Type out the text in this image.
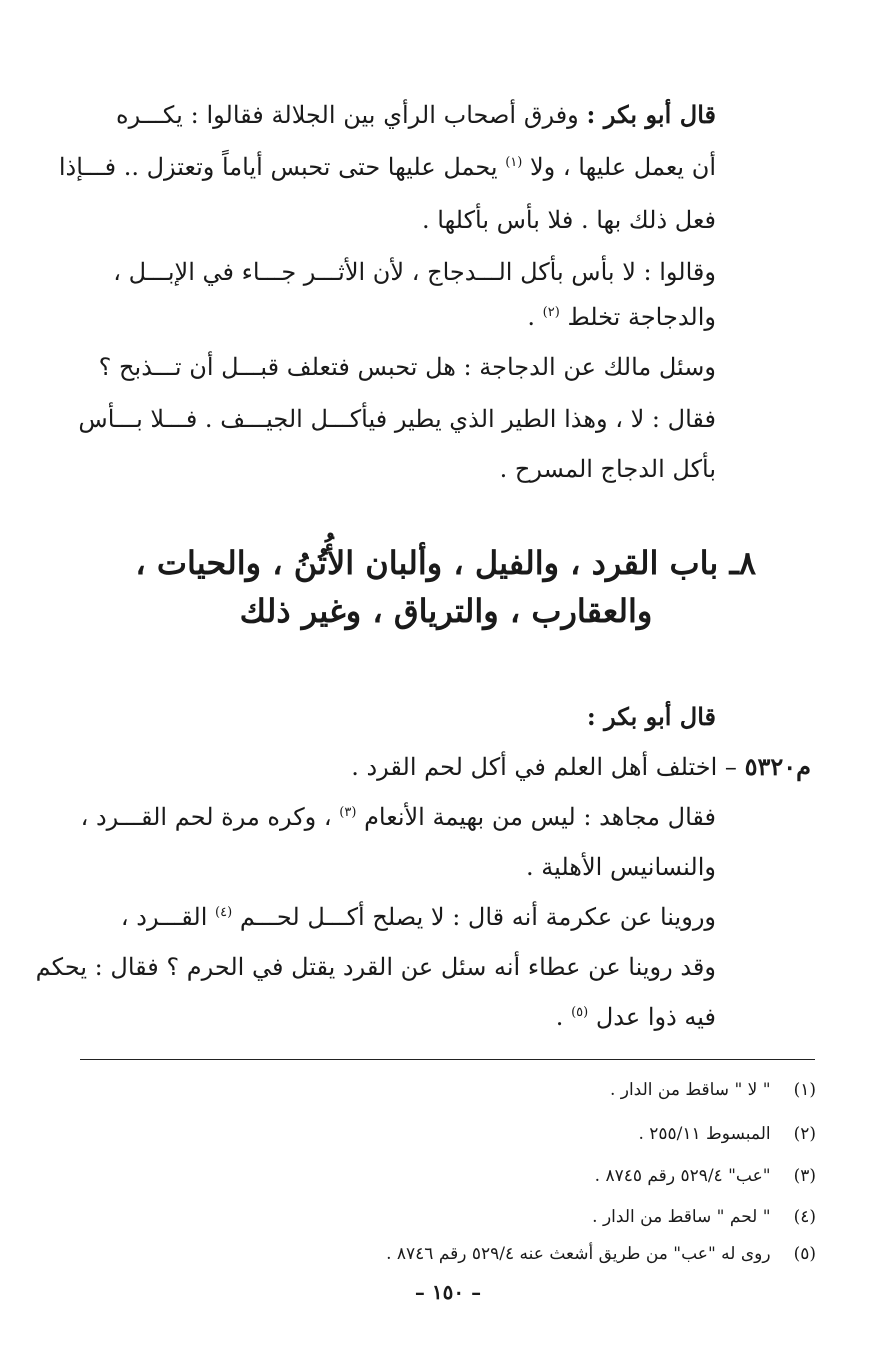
قال أبو بكر : وفرق أصحاب الرأي بين الجلالة فقالوا : يكـــره
أن يعمل عليها ، ولا $^{(١)}$ يحمل عليها حتى تحبس أياماً وتعتزل .. فـــإذا
فعل ذلك بها . فلا بأس بأكلها .
وقالوا : لا بأس بأكل الـــدجاج ، لأن الأثـــر جـــاء في الإبـــل ،
والدجاجة تخلط $^{(٢)}$ .
وسئل مالك عن الدجاجة : هل تحبس فتعلف قبـــل أن تـــذبح ؟
فقال : لا ، وهذا الطير الذي يطير فيأكـــل الجيـــف . فـــلا بـــأس
بأكل الدجاج المسرح .
٨ـ باب القرد ، والفيل ، وألبان الأُتُنُ ، والحيات ،
والعقارب ، والترياق ، وغير ذلك
قال أبو بكر :
م٥٣٢٠ – اختلف أهل العلم في أكل لحم القرد .
فقال مجاهد : ليس من بهيمة الأنعام $^{(٣)}$ ، وكره مرة لحم القـــرد ،
والنسانيس الأهلية .
وروينا عن عكرمة أنه قال : لا يصلح أكـــل لحـــم $^{(٤)}$ القـــرد ،
وقد روينا عن عطاء أنه سئل عن القرد يقتل في الحرم ؟ فقال : يحكم
فيه ذوا عدل $^{(٥)}$ .
(١) " لا " ساقط من الدار .
(٢) المبسوط ٢٥٥/١١ .
(٣) "عب" ٥٢٩/٤ رقم ٨٧٤٥ .
(٤) " لحم " ساقط من الدار .
(٥) روى له "عب" من طريق أشعث عنه ٥٢٩/٤ رقم ٨٧٤٦ .
– ١٥٠ –
